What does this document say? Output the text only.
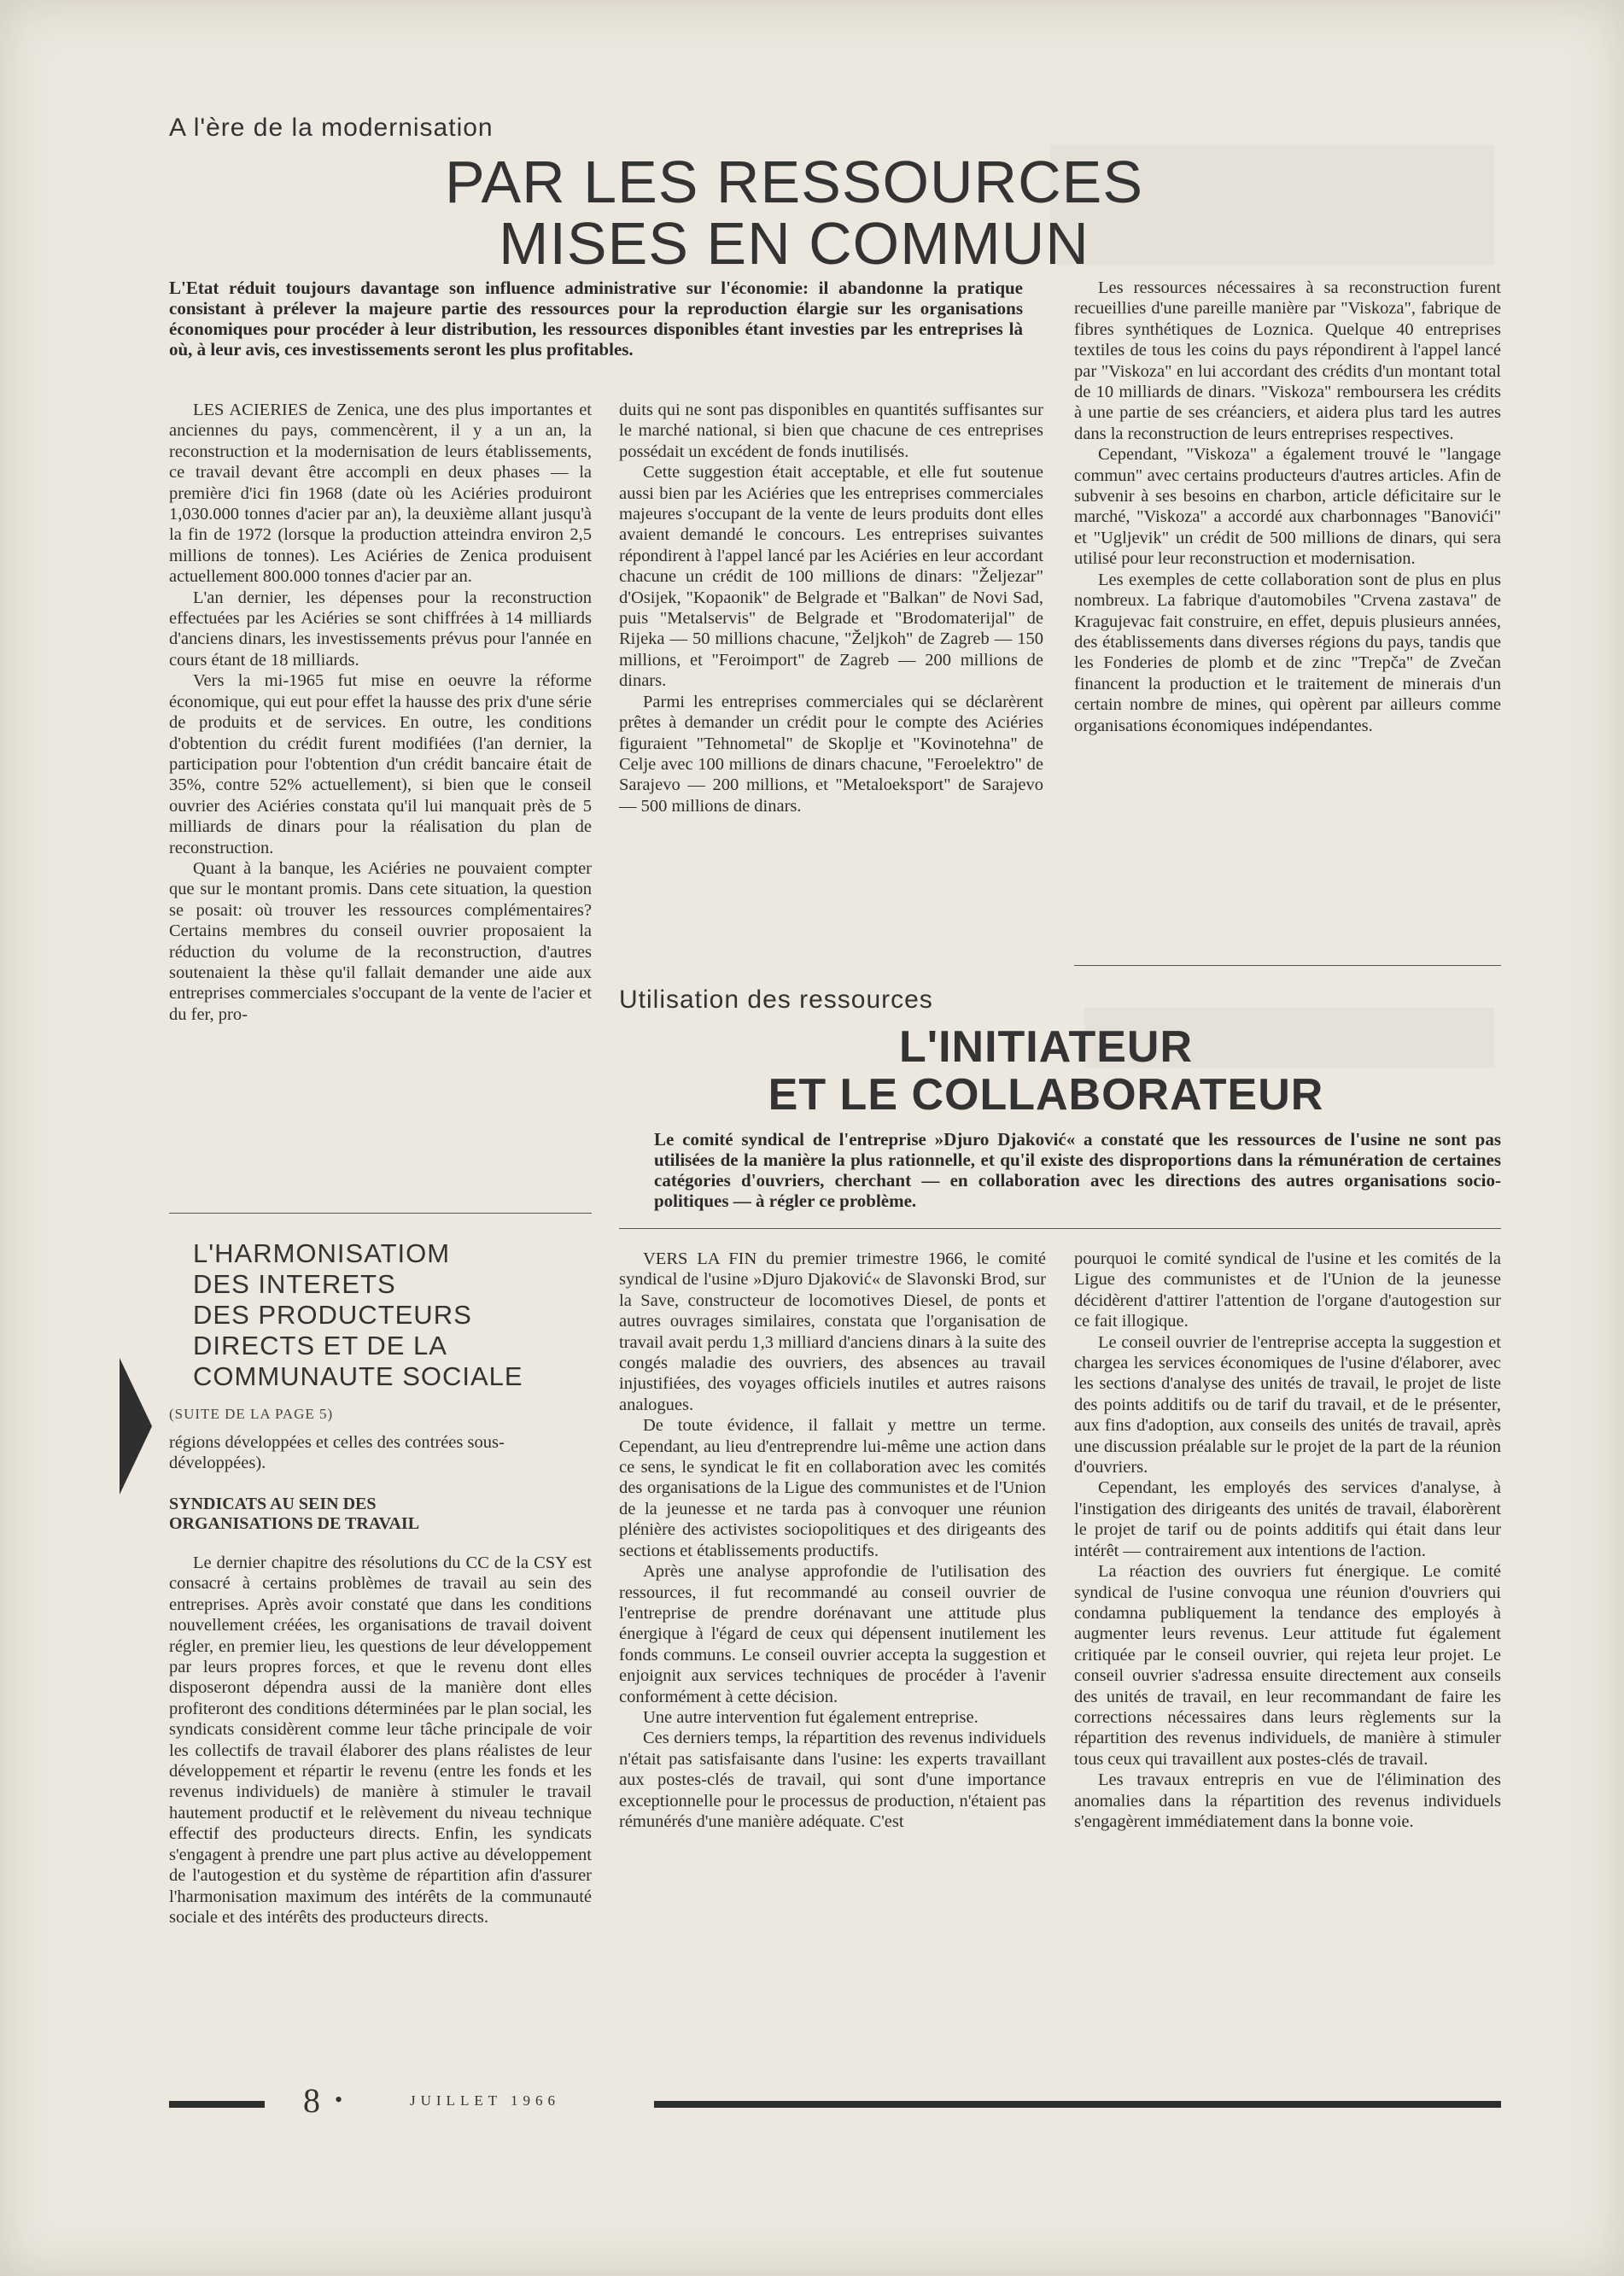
A l'ère de la modernisation
PAR LES RESSOURCES
MISES EN COMMUN
L'Etat réduit toujours davantage son influence administrative sur l'économie: il abandonne la pratique consistant à prélever la majeure partie des ressources pour la reproduction élargie sur les organisations économiques pour procéder à leur distribution, les ressources disponibles étant investies par les entreprises là où, à leur avis, ces investissements seront les plus profitables.

LES ACIERIES de Zenica, une des plus importantes et anciennes du pays, commencèrent, il y a un an, la reconstruction et la modernisation de leurs établissements, ce travail devant être accompli en deux phases — la première d'ici fin 1968 (date où les Aciéries produiront 1,030.000 tonnes d'acier par an), la deuxième allant jusqu'à la fin de 1972 (lorsque la production atteindra environ 2,5 millions de tonnes). Les Aciéries de Zenica produisent actuellement 800.000 tonnes d'acier par an.

L'an dernier, les dépenses pour la reconstruction effectuées par les Aciéries se sont chiffrées à 14 milliards d'anciens dinars, les investissements prévus pour l'année en cours étant de 18 milliards.

Vers la mi-1965 fut mise en oeuvre la réforme économique, qui eut pour effet la hausse des prix d'une série de produits et de services. En outre, les conditions d'obtention du crédit furent modifiées (l'an dernier, la participation pour l'obtention d'un crédit bancaire était de 35%, contre 52% actuellement), si bien que le conseil ouvrier des Aciéries constata qu'il lui manquait près de 5 milliards de dinars pour la réalisation du plan de reconstruction.

Quant à la banque, les Aciéries ne pouvaient compter que sur le montant promis. Dans cete situation, la question se posait: où trouver les ressources complémentaires? Certains membres du conseil ouvrier proposaient la réduction du volume de la reconstruction, d'autres soutenaient la thèse qu'il fallait demander une aide aux entreprises commerciales s'occupant de la vente de l'acier et du fer, pro-

duits qui ne sont pas disponibles en quantités suffisantes sur le marché national, si bien que chacune de ces entreprises possédait un excédent de fonds inutilisés.

Cette suggestion était acceptable, et elle fut soutenue aussi bien par les Aciéries que les entreprises commerciales majeures s'occupant de la vente de leurs produits dont elles avaient demandé le concours. Les entreprises suivantes répondirent à l'appel lancé par les Aciéries en leur accordant chacune un crédit de 100 millions de dinars: "Željezar" d'Osijek, "Kopaonik" de Belgrade et "Balkan" de Novi Sad, puis "Metalservis" de Belgrade et "Brodomaterijal" de Rijeka — 50 millions chacune, "Željkoh" de Zagreb — 150 millions, et "Feroimport" de Zagreb — 200 millions de dinars.

Parmi les entreprises commerciales qui se déclarèrent prêtes à demander un crédit pour le compte des Aciéries figuraient "Tehnometal" de Skoplje et "Kovinotehna" de Celje avec 100 millions de dinars chacune, "Feroelektro" de Sarajevo — 200 millions, et "Metaloeksport" de Sarajevo — 500 millions de dinars.

Les ressources nécessaires à sa reconstruction furent recueillies d'une pareille manière par "Viskoza", fabrique de fibres synthétiques de Loznica. Quelque 40 entreprises textiles de tous les coins du pays répondirent à l'appel lancé par "Viskoza" en lui accordant des crédits d'un montant total de 10 milliards de dinars. "Viskoza" remboursera les crédits à une partie de ses créanciers, et aidera plus tard les autres dans la reconstruction de leurs entreprises respectives.

Cependant, "Viskoza" a également trouvé le "langage commun" avec certains producteurs d'autres articles. Afin de subvenir à ses besoins en charbon, article déficitaire sur le marché, "Viskoza" a accordé aux charbonnages "Banovići" et "Ugljevik" un crédit de 500 millions de dinars, qui sera utilisé pour leur reconstruction et modernisation.

Les exemples de cette collaboration sont de plus en plus nombreux. La fabrique d'automobiles "Crvena zastava" de Kragujevac fait construire, en effet, depuis plusieurs années, des établissements dans diverses régions du pays, tandis que les Fonderies de plomb et de zinc "Trepča" de Zvečan financent la production et le traitement de minerais d'un certain nombre de mines, qui opèrent par ailleurs comme organisations économiques indépendantes.

L'HARMONISATIOM
DES INTERETS
DES PRODUCTEURS
DIRECTS ET DE LA
COMMUNAUTE SOCIALE
(SUITE DE LA PAGE 5)
régions développées et celles des contrées sous-développées).
SYNDICATS AU SEIN DES
ORGANISATIONS DE TRAVAIL

Le dernier chapitre des résolutions du CC de la CSY est consacré à certains problèmes de travail au sein des entreprises. Après avoir constaté que dans les conditions nouvellement créées, les organisations de travail doivent régler, en premier lieu, les questions de leur développement par leurs propres forces, et que le revenu dont elles disposeront dépendra aussi de la manière dont elles profiteront des conditions déterminées par le plan social, les syndicats considèrent comme leur tâche principale de voir les collectifs de travail élaborer des plans réalistes de leur développement et répartir le revenu (entre les fonds et les revenus individuels) de manière à stimuler le travail hautement productif et le relèvement du niveau technique effectif des producteurs directs. Enfin, les syndicats s'engagent à prendre une part plus active au développement de l'autogestion et du système de répartition afin d'assurer l'harmonisation maximum des intérêts de la communauté sociale et des intérêts des producteurs directs.

Utilisation des ressources
L'INITIATEUR
ET LE COLLABORATEUR
Le comité syndical de l'entreprise »Djuro Djaković« a constaté que les ressources de l'usine ne sont pas utilisées de la manière la plus rationnelle, et qu'il existe des disproportions dans la rémunération de certaines catégories d'ouvriers, cherchant — en collaboration avec les directions des autres organisations socio-politiques — à régler ce problème.

VERS LA FIN du premier trimestre 1966, le comité syndical de l'usine »Djuro Djaković« de Slavonski Brod, sur la Save, constructeur de locomotives Diesel, de ponts et autres ouvrages similaires, constata que l'organisation de travail avait perdu 1,3 milliard d'anciens dinars à la suite des congés maladie des ouvriers, des absences au travail injustifiées, des voyages officiels inutiles et autres raisons analogues.

De toute évidence, il fallait y mettre un terme. Cependant, au lieu d'entreprendre lui-même une action dans ce sens, le syndicat le fit en collaboration avec les comités des organisations de la Ligue des communistes et de l'Union de la jeunesse et ne tarda pas à convoquer une réunion plénière des activistes sociopolitiques et des dirigeants des sections et établissements productifs.

Après une analyse approfondie de l'utilisation des ressources, il fut recommandé au conseil ouvrier de l'entreprise de prendre dorénavant une attitude plus énergique à l'égard de ceux qui dépensent inutilement les fonds communs. Le conseil ouvrier accepta la suggestion et enjoignit aux services techniques de procéder à l'avenir conformément à cette décision.

Une autre intervention fut également entreprise.

Ces derniers temps, la répartition des revenus individuels n'était pas satisfaisante dans l'usine: les experts travaillant aux postes-clés de travail, qui sont d'une importance exceptionnelle pour le processus de production, n'étaient pas rémunérés d'une manière adéquate. C'est

pourquoi le comité syndical de l'usine et les comités de la Ligue des communistes et de l'Union de la jeunesse décidèrent d'attirer l'attention de l'organe d'autogestion sur ce fait illogique.

Le conseil ouvrier de l'entreprise accepta la suggestion et chargea les services économiques de l'usine d'élaborer, avec les sections d'analyse des unités de travail, le projet de liste des points additifs ou de tarif du travail, et de le présenter, aux fins d'adoption, aux conseils des unités de travail, après une discussion préalable sur le projet de la part de la réunion d'ouvriers.

Cependant, les employés des services d'analyse, à l'instigation des dirigeants des unités de travail, élaborèrent le projet de tarif ou de points additifs qui était dans leur intérêt — contrairement aux intentions de l'action.

La réaction des ouvriers fut énergique. Le comité syndical de l'usine convoqua une réunion d'ouvriers qui condamna publiquement la tendance des employés à augmenter leurs revenus. Leur attitude fut également critiquée par le conseil ouvrier, qui rejeta leur projet. Le conseil ouvrier s'adressa ensuite directement aux conseils des unités de travail, en leur recommandant de faire les corrections nécessaires dans leurs règlements sur la répartition des revenus individuels, de manière à stimuler tous ceux qui travaillent aux postes-clés de travail.

Les travaux entrepris en vue de l'élimination des anomalies dans la répartition des revenus individuels s'engagèrent immédiatement dans la bonne voie.

8 •	JUILLET 1966
